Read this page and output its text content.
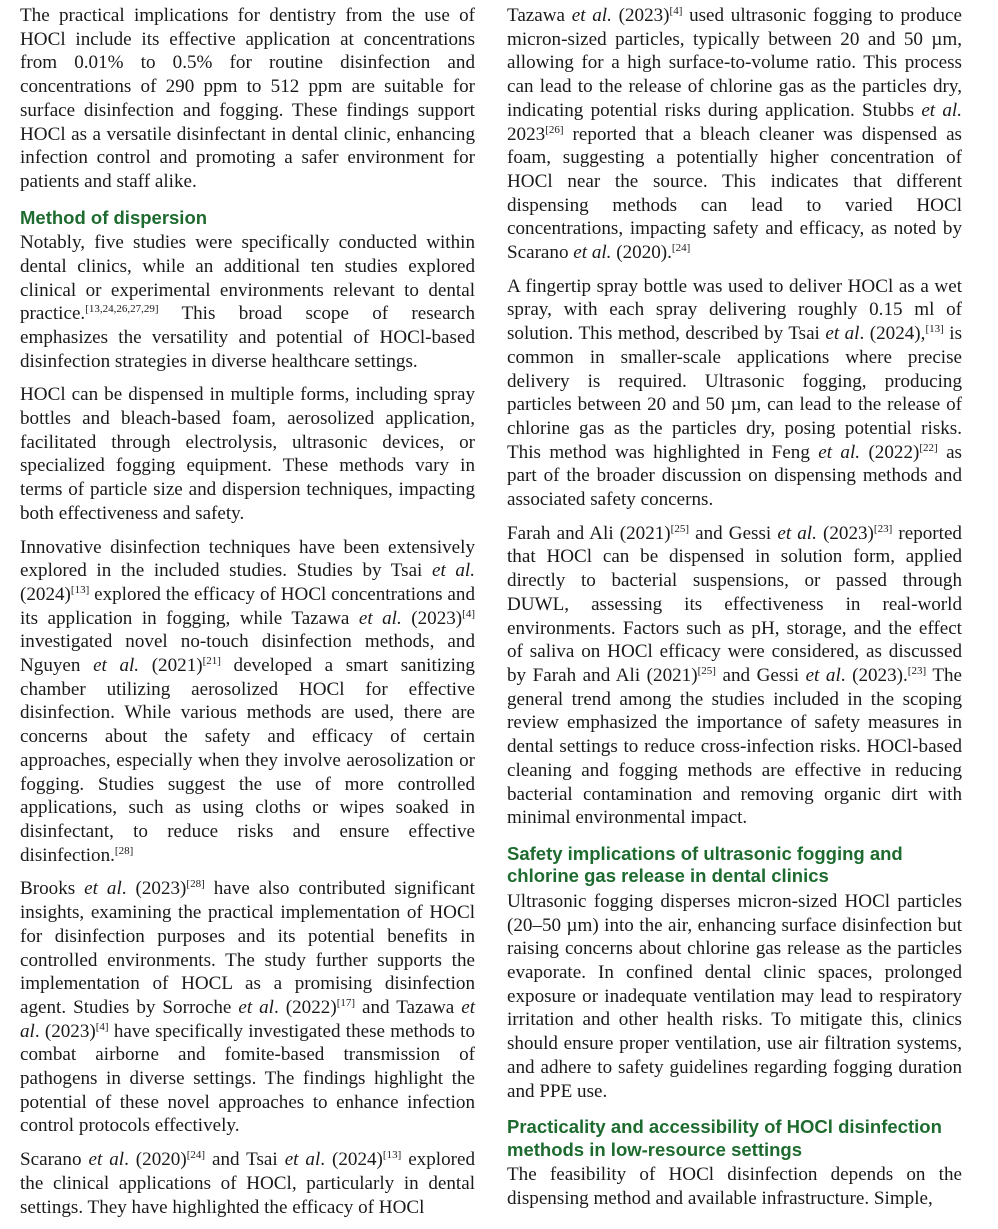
The practical implications for dentistry from the use of HOCl include its effective application at concentrations from 0.01% to 0.5% for routine disinfection and concentrations of 290 ppm to 512 ppm are suitable for surface disinfection and fogging. These findings support HOCl as a versatile disinfectant in dental clinic, enhancing infection control and promoting a safer environment for patients and staff alike.

Method of dispersion

Notably, five studies were specifically conducted within dental clinics, while an additional ten studies explored clinical or experimental environments relevant to dental practice.[13,24,26,27,29] This broad scope of research emphasizes the versatility and potential of HOCl-based disinfection strategies in diverse healthcare settings.

HOCl can be dispensed in multiple forms, including spray bottles and bleach-based foam, aerosolized application, facilitated through electrolysis, ultrasonic devices, or specialized fogging equipment. These methods vary in terms of particle size and dispersion techniques, impacting both effectiveness and safety.

Innovative disinfection techniques have been extensively explored in the included studies. Studies by Tsai et al. (2024)[13] explored the efficacy of HOCl concentrations and its application in fogging, while Tazawa et al. (2023)[4] investigated novel no-touch disinfection methods, and Nguyen et al. (2021)[21] developed a smart sanitizing chamber utilizing aerosolized HOCl for effective disinfection. While various methods are used, there are concerns about the safety and efficacy of certain approaches, especially when they involve aerosolization or fogging. Studies suggest the use of more controlled applications, such as using cloths or wipes soaked in disinfectant, to reduce risks and ensure effective disinfection.[28]

Brooks et al. (2023)[28] have also contributed significant insights, examining the practical implementation of HOCl for disinfection purposes and its potential benefits in controlled environments. The study further supports the implementation of HOCL as a promising disinfection agent. Studies by Sorroche et al. (2022)[17] and Tazawa et al. (2023)[4] have specifically investigated these methods to combat airborne and fomite-based transmission of pathogens in diverse settings. The findings highlight the potential of these novel approaches to enhance infection control protocols effectively.

Scarano et al. (2020)[24] and Tsai et al. (2024)[13] explored the clinical applications of HOCl, particularly in dental settings. They have highlighted the efficacy of HOCl

Tazawa et al. (2023)[4] used ultrasonic fogging to produce micron-sized particles, typically between 20 and 50 µm, allowing for a high surface-to-volume ratio. This process can lead to the release of chlorine gas as the particles dry, indicating potential risks during application. Stubbs et al. 2023[26] reported that a bleach cleaner was dispensed as foam, suggesting a potentially higher concentration of HOCl near the source. This indicates that different dispensing methods can lead to varied HOCl concentrations, impacting safety and efficacy, as noted by Scarano et al. (2020).[24]

A fingertip spray bottle was used to deliver HOCl as a wet spray, with each spray delivering roughly 0.15 ml of solution. This method, described by Tsai et al. (2024),[13] is common in smaller-scale applications where precise delivery is required. Ultrasonic fogging, producing particles between 20 and 50 µm, can lead to the release of chlorine gas as the particles dry, posing potential risks. This method was highlighted in Feng et al. (2022)[22] as part of the broader discussion on dispensing methods and associated safety concerns.

Farah and Ali (2021)[25] and Gessi et al. (2023)[23] reported that HOCl can be dispensed in solution form, applied directly to bacterial suspensions, or passed through DUWL, assessing its effectiveness in real-world environments. Factors such as pH, storage, and the effect of saliva on HOCl efficacy were considered, as discussed by Farah and Ali (2021)[25] and Gessi et al. (2023).[23] The general trend among the studies included in the scoping review emphasized the importance of safety measures in dental settings to reduce cross-infection risks. HOCl-based cleaning and fogging methods are effective in reducing bacterial contamination and removing organic dirt with minimal environmental impact.

Safety implications of ultrasonic fogging and chlorine gas release in dental clinics

Ultrasonic fogging disperses micron-sized HOCl particles (20–50 µm) into the air, enhancing surface disinfection but raising concerns about chlorine gas release as the particles evaporate. In confined dental clinic spaces, prolonged exposure or inadequate ventilation may lead to respiratory irritation and other health risks. To mitigate this, clinics should ensure proper ventilation, use air filtration systems, and adhere to safety guidelines regarding fogging duration and PPE use.

Practicality and accessibility of HOCl disinfection methods in low-resource settings

The feasibility of HOCl disinfection depends on the dispensing method and available infrastructure. Simple,
